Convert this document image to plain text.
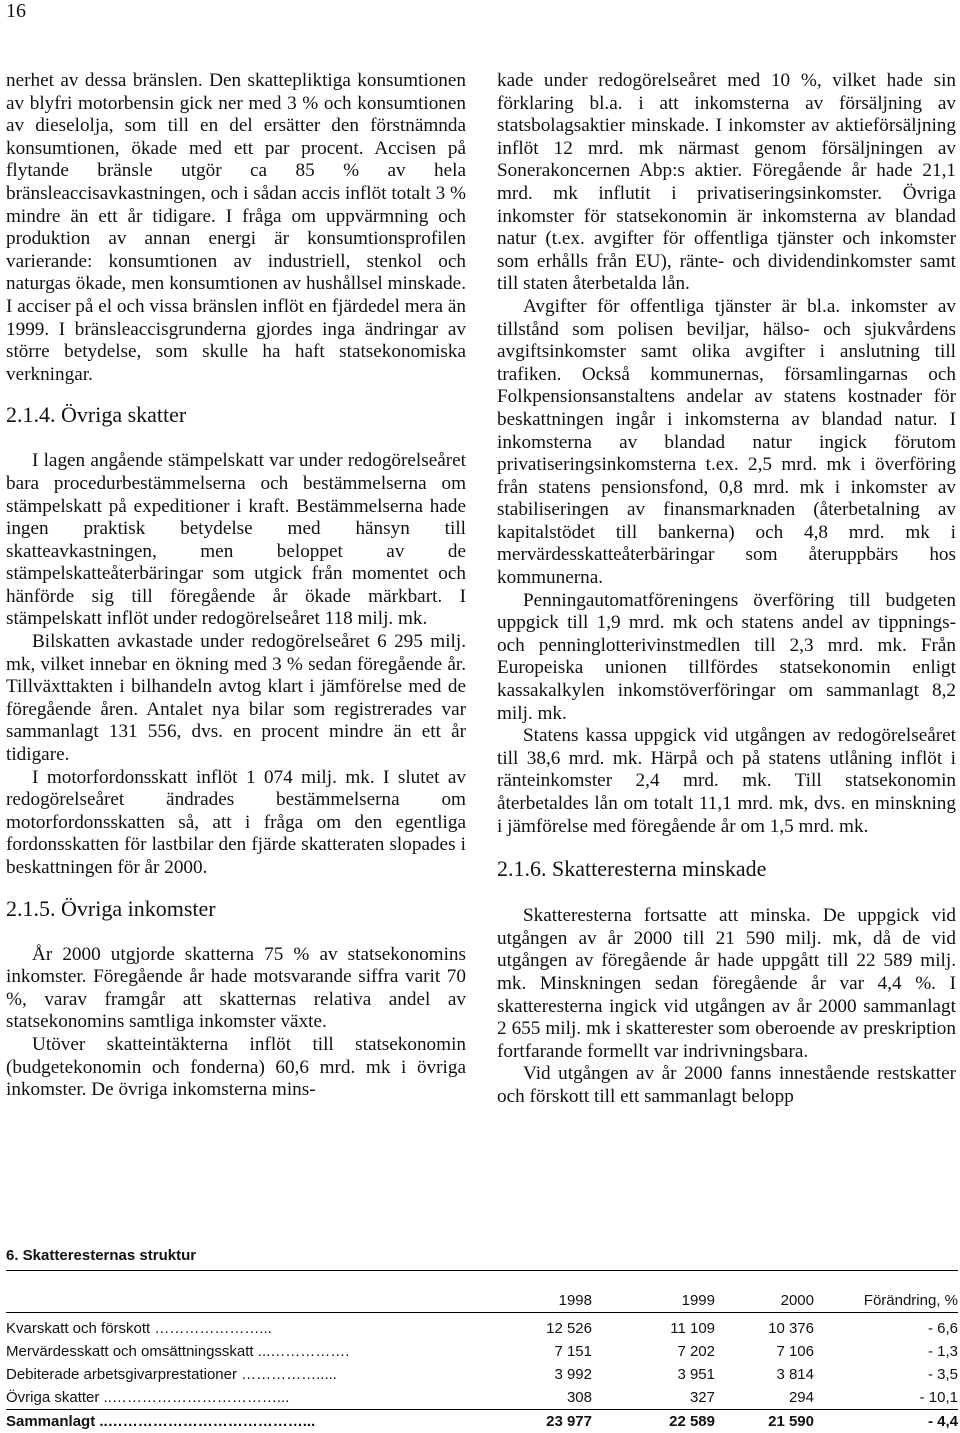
16

nerhet av dessa bränslen. Den skattepliktiga konsumtionen av blyfri motorbensin gick ner med 3 % och konsumtionen av dieselolja, som till en del ersätter den förstnämnda konsumtionen, ökade med ett par procent. Accisen på flytande bränsle utgör ca 85 % av hela bränsleaccisavkastningen, och i sådan accis inflöt totalt 3 % mindre än ett år tidigare. I fråga om uppvärmning och produktion av annan energi är konsumtionsprofilen varierande: konsumtionen av industriell, stenkol och naturgas ökade, men konsumtionen av hushållsel minskade. I acciser på el och vissa bränslen inflöt en fjärdedel mera än 1999. I bränsleaccisgrunderna gjordes inga ändringar av större betydelse, som skulle ha haft statsekonomiska verkningar.

2.1.4. Övriga skatter

I lagen angående stämpelskatt var under redogörelseåret bara procedurbestämmelserna och bestämmelserna om stämpelskatt på expeditioner i kraft. Bestämmelserna hade ingen praktisk betydelse med hänsyn till skatteavkastningen, men beloppet av de stämpelskatteåterbäringar som utgick från momentet och hänförde sig till föregående år ökade märkbart. I stämpelskatt inflöt under redogörelseåret 118 milj. mk.

Bilskatten avkastade under redogörelseåret 6 295 milj. mk, vilket innebar en ökning med 3 % sedan föregående år. Tillväxttakten i bilhandeln avtog klart i jämförelse med de föregående åren. Antalet nya bilar som registrerades var sammanlagt 131 556, dvs. en procent mindre än ett år tidigare.

I motorfordonsskatt inflöt 1 074 milj. mk. I slutet av redogörelseåret ändrades bestämmelserna om motorfordonsskatten så, att i fråga om den egentliga fordonsskatten för lastbilar den fjärde skatteraten slopades i beskattningen för år 2000.

2.1.5. Övriga inkomster

År 2000 utgjorde skatterna 75 % av statsekonomins inkomster. Föregående år hade motsvarande siffra varit 70 %, varav framgår att skatternas relativa andel av statsekonomins samtliga inkomster växte.

Utöver skatteintäkterna inflöt till statsekonomin (budgetekonomin och fonderna) 60,6 mrd. mk i övriga inkomster. De övriga inkomsterna mins-

kade under redogörelseåret med 10 %, vilket hade sin förklaring bl.a. i att inkomsterna av försäljning av statsbolagsaktier minskade. I inkomster av aktieförsäljning inflöt 12 mrd. mk närmast genom försäljningen av Sonerakoncernen Abp:s aktier. Föregående år hade 21,1 mrd. mk influtit i privatiseringsinkomster. Övriga inkomster för statsekonomin är inkomsterna av blandad natur (t.ex. avgifter för offentliga tjänster och inkomster som erhålls från EU), ränte- och dividendinkomster samt till staten återbetalda lån.

Avgifter för offentliga tjänster är bl.a. inkomster av tillstånd som polisen beviljar, hälso- och sjukvårdens avgiftsinkomster samt olika avgifter i anslutning till trafiken. Också kommunernas, församlingarnas och Folkpensionsanstaltens andelar av statens kostnader för beskattningen ingår i inkomsterna av blandad natur. I inkomsterna av blandad natur ingick förutom privatiseringsinkomsterna t.ex. 2,5 mrd. mk i överföring från statens pensionsfond, 0,8 mrd. mk i inkomster av stabiliseringen av finansmarknaden (återbetalning av kapitalstödet till bankerna) och 4,8 mrd. mk i mervärdesskatteåterbäringar som återuppbärs hos kommunerna.

Penningautomatföreningens överföring till budgeten uppgick till 1,9 mrd. mk och statens andel av tippnings- och penninglotterivinstmedlen till 2,3 mrd. mk. Från Europeiska unionen tillfördes statsekonomin enligt kassakalkylen inkomstöverföringar om sammanlagt 8,2 milj. mk.

Statens kassa uppgick vid utgången av redogörelseåret till 38,6 mrd. mk. Härpå och på statens utlåning inflöt i ränteinkomster 2,4 mrd. mk. Till statsekonomin återbetaldes lån om totalt 11,1 mrd. mk, dvs. en minskning i jämförelse med föregående år om 1,5 mrd. mk.

2.1.6. Skatteresterna minskade

Skatteresterna fortsatte att minska. De uppgick vid utgången av år 2000 till 21 590 milj. mk, då de vid utgången av föregående år hade uppgått till 22 589 milj. mk. Minskningen sedan föregående år var 4,4 %. I skatteresterna ingick vid utgången av år 2000 sammanlagt 2 655 milj. mk i skatterester som oberoende av preskription fortfarande formellt var indrivningsbara.

Vid utgången av år 2000 fanns innestående restskatter och förskott till ett sammanlagt belopp

6. Skatteresternas struktur
	1998	1999	2000	Förändring, %

Kvarskatt och förskott …………………...	12 526	11 109	10 376	- 6,6
Mervärdesskatt och omsättningsskatt ...…………….	7 151	7 202	7 106	- 1,3
Debiterade arbetsgivarprestationer …………….....	3 992	3 951	3 814	- 3,5
Övriga skatter ..……………………………...	308	327	294	- 10,1
Sammanlagt ..…………………………………...	23 977	22 589	21 590	- 4,4
